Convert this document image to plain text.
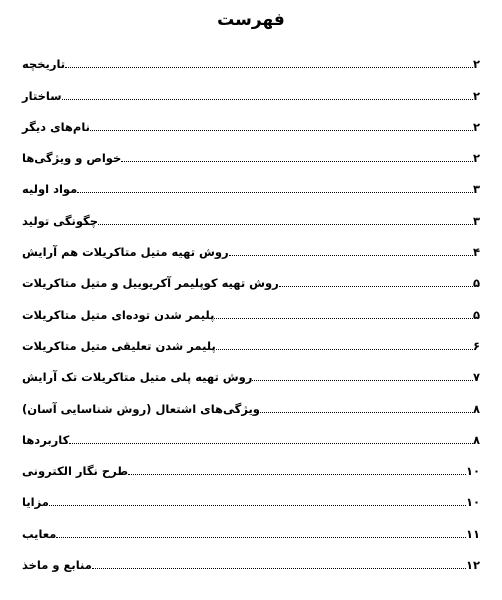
فهرست
تاریخچه	۲
ساختار	۲
نام‌های دیگر	۲
خواص و ویژگی‌ها	۲
مواد اولیه	۳
چگونگی تولید	۳
روش تهیه متیل متاکریلات هم آرایش	۴
روش تهیه کوپلیمر آکریوییل و متیل متاکریلات	۵
پلیمر شدن توده‌ای متیل متاکریلات	۵
پلیمر شدن تعلیقی متیل متاکریلات	۶
روش تهیه پلی متیل متاکریلات تک آرایش	۷
ویژگی‌های اشتعال (روش شناسایی آسان)	۸
کاربردها	۸
طرح نگار الکترونی	۱۰
مزایا	۱۰
معایب	۱۱
منابع و ماخذ	۱۲
